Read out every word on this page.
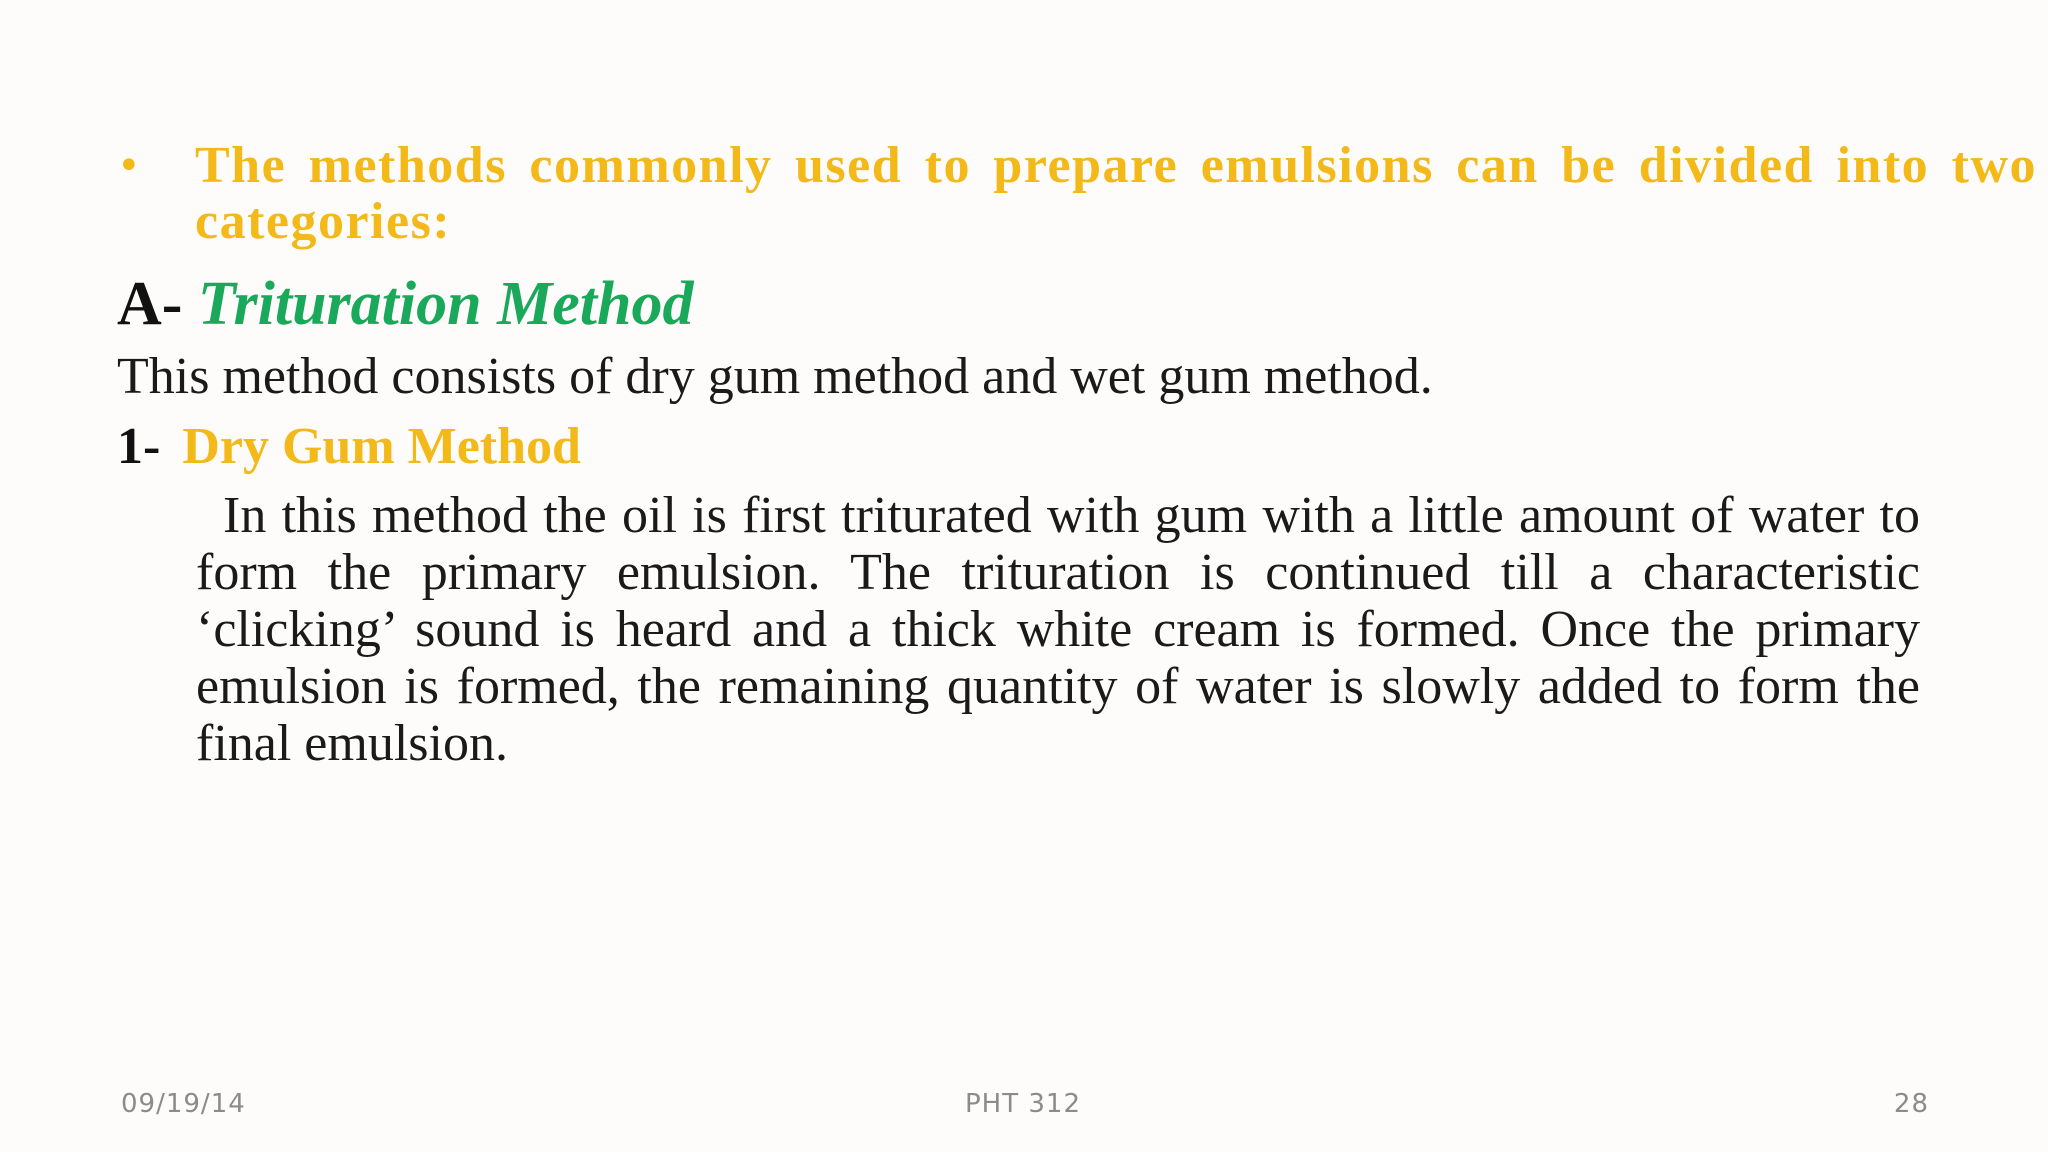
• The methods commonly used to prepare emulsions can be divided into two categories:
A- Trituration Method
This method consists of dry gum method and wet gum method.
1- Dry Gum Method
In this method the oil is first triturated with gum with a little amount of water to form the primary emulsion. The trituration is continued till a characteristic ‘clicking’ sound is heard and a thick white cream is formed. Once the primary emulsion is formed, the remaining quantity of water is slowly added to form the final emulsion.
09/19/14	PHT 312	28
